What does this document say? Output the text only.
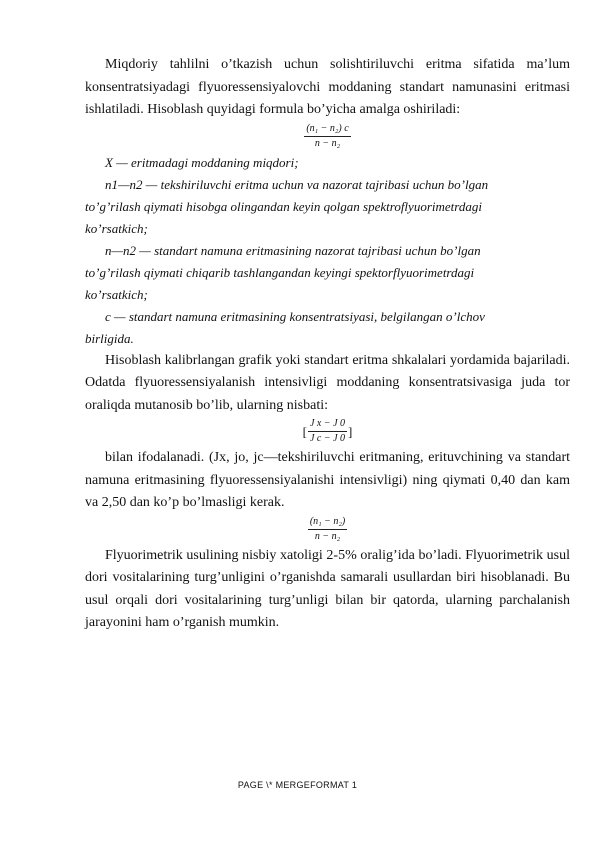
Miqdoriy tahlilni o’tkazish uchun solishtiriluvchi eritma sifatida ma’lum konsentratsiyadagi flyuoressensiyalovchi moddaning standart namunasini eritmasi ishlatiladi. Hisoblash quyidagi formula bo’yicha amalga oshiriladi:

(n₁ − n₂) c
n − n₂

X — eritmadagi moddaning miqdori;

n1—n2 — tekshiriluvchi eritma uchun va nazorat tajribasi uchun bo’lgan

to’g’rilash qiymati hisobga olingandan keyin qolgan spektroflyuorimetrdagi

ko’rsatkich;

n—n2 — standart namuna eritmasining nazorat tajribasi uchun bo’lgan

to’g’rilash qiymati chiqarib tashlangandan keyingi spektorflyuorimetrdagi

ko’rsatkich;

c — standart namuna eritmasining konsentratsiyasi, belgilangan o’lchov

birligida.

Hisoblash kalibrlangan grafik yoki standart eritma shkalalari yordamida bajariladi. Odatda flyuoressensiyalanish intensivligi moddaning konsentratsivasiga juda tor oraliqda mutanosib bo’lib, ularning nisbati:

[ $\frac{\text{J x − J 0}}{\text{J c − J 0}}$ ]

bilan ifodalanadi. (Jx, jo, jc—tekshiriluvchi eritmaning, erituvchining va standart namuna eritmasining flyuoressensiyalanishi intensivligi) ning qiymati 0,40 dan kam va 2,50 dan ko’p bo’lmasligi kerak.

(n₁ − n₂)
n − n₂

Flyuorimetrik usulining nisbiy xatoligi 2-5% oralig’ida bo’ladi. Flyuorimetrik usul dori vositalarining turg’unligini o’rganishda samarali usullardan biri hisoblanadi. Bu usul orqali dori vositalarining turg’unligi bilan bir qatorda, ularning parchalanish jarayonini ham o’rganish mumkin.

PAGE \* MERGEFORMAT 1
